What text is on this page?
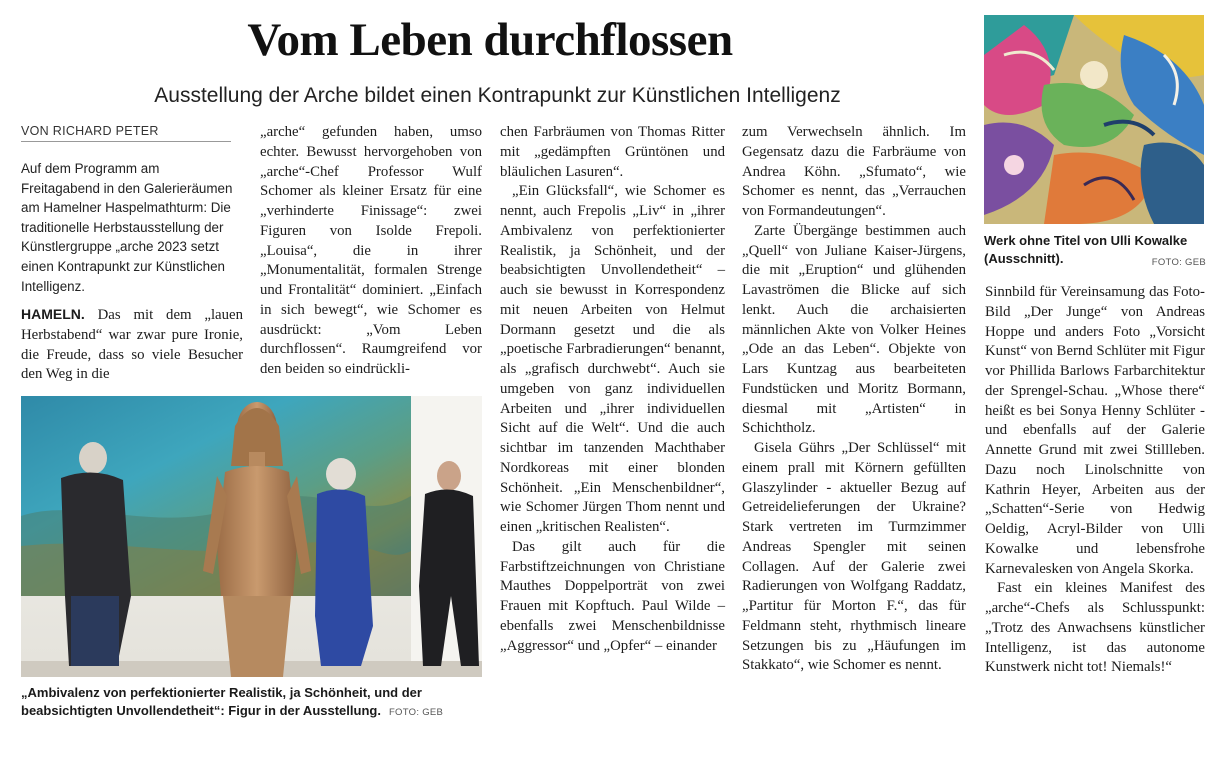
Vom Leben durchflossen
Ausstellung der Arche bildet einen Kontrapunkt zur Künstlichen Intelligenz
VON RICHARD PETER
Auf dem Programm am Freitagabend in den Galerieräumen am Hamelner Haspelmathturm: Die traditionelle Herbstausstellung der Künstlergruppe „arche 2023 setzt einen Kontrapunkt zur Künstlichen Intelligenz.

HAMELN. Das mit dem „lauen Herbstabend“ war zwar pure Ironie, die Freude, dass so viele Besucher den Weg in die

„arche“ gefunden haben, umso echter. Bewusst hervorgehoben von „arche“-Chef Professor Wulf Schomer als kleiner Ersatz für eine „verhinderte Finissage“: zwei Figuren von Isolde Frepoli. „Louisa“, die in ihrer „Monumentalität, formalen Strenge und Frontalität“ dominiert. „Einfach in sich bewegt“, wie Schomer es ausdrückt: „Vom Leben durchflossen“. Raumgreifend vor den beiden so eindrückli-

chen Farbräumen von Thomas Ritter mit „gedämpften Grüntönen und bläulichen Lasuren“.

„Ein Glücksfall“, wie Schomer es nennt, auch Frepolis „Liv“ in „ihrer Ambivalenz von perfektionierter Realistik, ja Schönheit, und der beabsichtigten Unvollendetheit“ – auch sie bewusst in Korrespondenz mit neuen Arbeiten von Helmut Dormann gesetzt und die als „poetische Farbradierungen“ benannt, als „grafisch durchwebt“. Auch sie umgeben von ganz individuellen Arbeiten und „ihrer individuellen Sicht auf die Welt“. Und die auch sichtbar im tanzenden Machthaber Nordkoreas mit einer blonden Schönheit. „Ein Menschenbildner“, wie Schomer Jürgen Thom nennt und einen „kritischen Realisten“.

Das gilt auch für die Farbstiftzeichnungen von Christiane Mauthes Doppelporträt von zwei Frauen mit Kopftuch. Paul Wilde – ebenfalls zwei Menschenbildnisse „Aggressor“ und „Opfer“ – einander

zum Verwechseln ähnlich. Im Gegensatz dazu die Farbräume von Andrea Köhn. „Sfumato“, wie Schomer es nennt, das „Verrauchen von Formandeutungen“.

Zarte Übergänge bestimmen auch „Quell“ von Juliane Kaiser-Jürgens, die mit „Eruption“ und glühenden Lavaströmen die Blicke auf sich lenkt. Auch die archaisierten männlichen Akte von Volker Heines „Ode an das Leben“. Objekte von Lars Kuntzag aus bearbeiteten Fundstücken und Moritz Bormann, diesmal mit „Artisten“ in Schichtholz.

Gisela Gührs „Der Schlüssel“ mit einem prall mit Körnern gefüllten Glaszylinder - aktueller Bezug auf Getreidelieferungen der Ukraine? Stark vertreten im Turmzimmer Andreas Spengler mit seinen Collagen. Auf der Galerie zwei Radierungen von Wolfgang Raddatz, „Partitur für Morton F.“, das für Feldmann steht, rhythmisch lineare Setzungen bis zu „Häufungen im Stakkato“, wie Schomer es nennt.

Sinnbild für Vereinsamung das Foto-Bild „Der Junge“ von Andreas Hoppe und anders Foto „Vorsicht Kunst“ von Bernd Schlüter mit Figur vor Phillida Barlows Farbarchitektur der Sprengel-Schau. „Whose there“ heißt es bei Sonya Henny Schlüter - und ebenfalls auf der Galerie Annette Grund mit zwei Stillleben. Dazu noch Linolschnitte von Kathrin Heyer, Arbeiten aus der „Schatten“-Serie von Hedwig Oeldig, Acryl-Bilder von Ulli Kowalke und lebensfrohe Karnevalesken von Angela Skorka.

Fast ein kleines Manifest des „arche“-Chefs als Schlusspunkt: „Trotz des Anwachsens künstlicher Intelligenz, ist das autonome Kunstwerk nicht tot! Niemals!“

„Ambivalenz von perfektionierter Realistik, ja Schönheit, und der beabsichtigten Unvollendetheit“: Figur in der Ausstellung. FOTO: GEB
Werk ohne Titel von Ulli Kowalke (Ausschnitt).	FOTO: GEB
